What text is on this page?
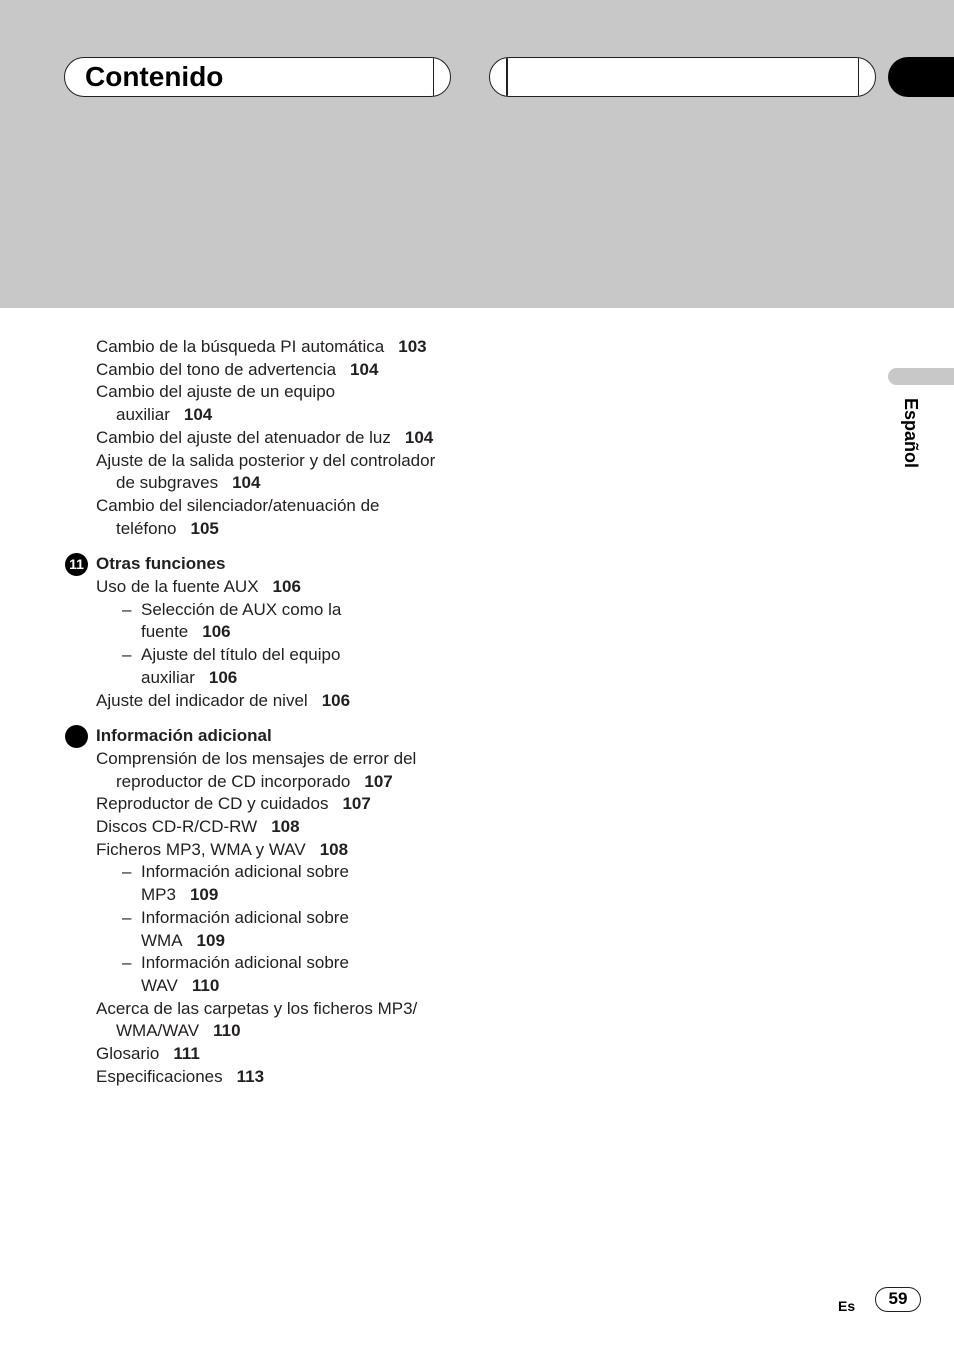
Contenido
Español
Cambio de la búsqueda PI automática 103
Cambio del tono de advertencia 104
Cambio del ajuste de un equipo
auxiliar 104
Cambio del ajuste del atenuador de luz 104
Ajuste de la salida posterior y del controlador
de subgraves 104
Cambio del silenciador/atenuación de
teléfono 105
11 Otras funciones
Uso de la fuente AUX 106
– Selección de AUX como la
fuente 106
– Ajuste del título del equipo
auxiliar 106
Ajuste del indicador de nivel 106
Información adicional
Comprensión de los mensajes de error del
reproductor de CD incorporado 107
Reproductor de CD y cuidados 107
Discos CD-R/CD-RW 108
Ficheros MP3, WMA y WAV 108
– Información adicional sobre
MP3 109
– Información adicional sobre
WMA 109
– Información adicional sobre
WAV 110
Acerca de las carpetas y los ficheros MP3/
WMA/WAV 110
Glosario 111
Especificaciones 113
Es	59
